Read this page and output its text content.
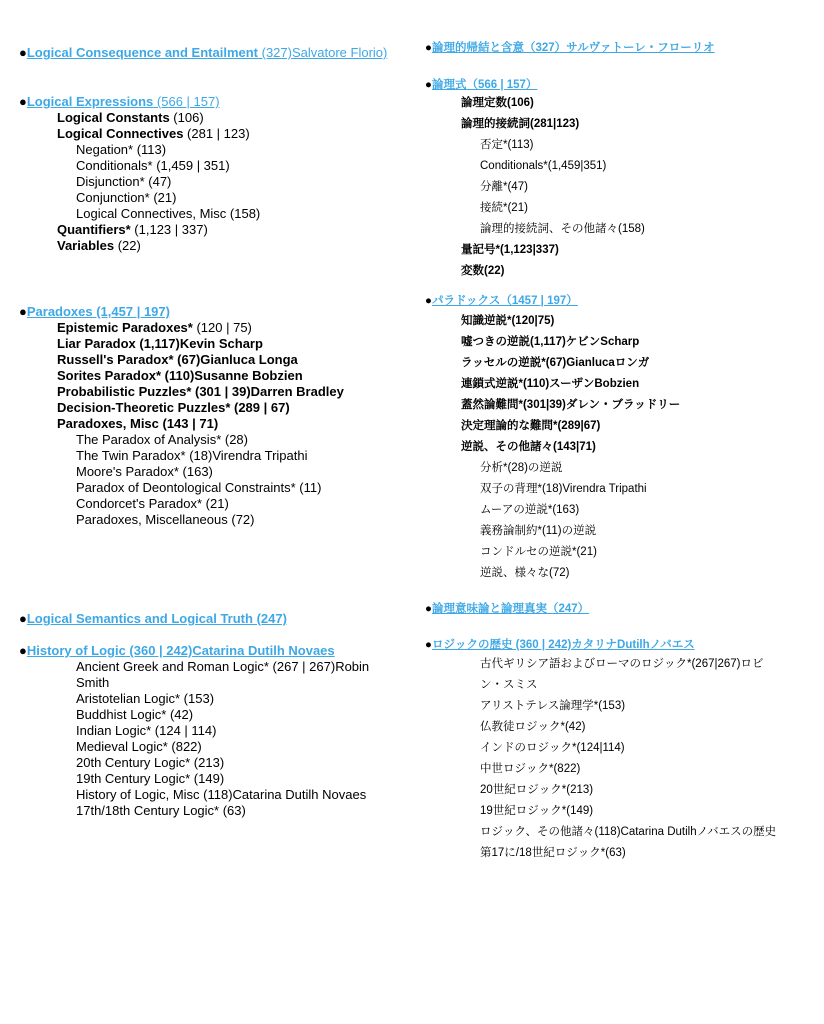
●Logical Consequence and Entailment (327)Salvatore Florio)
●Logical Expressions (566 | 157)
Logical Constants (106)
Logical Connectives (281 | 123)
Negation* (113)
Conditionals* (1,459 | 351)
Disjunction* (47)
Conjunction* (21)
Logical Connectives, Misc (158)
Quantifiers* (1,123 | 337)
Variables (22)
●Paradoxes (1,457 | 197)
Epistemic Paradoxes* (120 | 75)
Liar Paradox (1,117)Kevin Scharp
Russell's Paradox* (67)Gianluca Longa
Sorites Paradox* (110)Susanne Bobzien
Probabilistic Puzzles* (301 | 39)Darren Bradley
Decision-Theoretic Puzzles* (289 | 67)
Paradoxes, Misc (143 | 71)
The Paradox of Analysis* (28)
The Twin Paradox* (18)Virendra Tripathi
Moore's Paradox* (163)
Paradox of Deontological Constraints* (11)
Condorcet's Paradox* (21)
Paradoxes, Miscellaneous (72)
●Logical Semantics and Logical Truth (247)
●History of Logic (360 | 242)Catarina Dutilh Novaes
Ancient Greek and Roman Logic* (267 | 267)Robin Smith
Aristotelian Logic* (153)
Buddhist Logic* (42)
Indian Logic* (124 | 114)
Medieval Logic* (822)
20th Century Logic* (213)
19th Century Logic* (149)
History of Logic, Misc (118)Catarina Dutilh Novaes
17th/18th Century Logic* (63)
●論理的帰結と含意（327）サルヴァトーレ・フローリオ
●論理式（566 | 157）
論理定数(106)
論理的接続詞(281|123)
否定*(113)
Conditionals*(1,459|351)
分離*(47)
接続*(21)
論理的接続詞、その他諸々(158)
量記号*(1,123|337)
変数(22)
●パラドックス（1457 | 197）
知識逆説*(120|75)
嘘つきの逆説(1,117)ケビンScharp
ラッセルの逆説*(67)Gianlucaロンガ
連鎖式逆説*(110)スーザンBobzien
蓋然論難問*(301|39)ダレン・ブラッドリー
決定理論的な難問*(289|67)
逆説、その他諸々(143|71)
分析*(28)の逆説
双子の背理*(18)Virendra Tripathi
ムーアの逆説*(163)
義務論制約*(11)の逆説
コンドルセの逆説*(21)
逆説、様々な(72)
●論理意味論と論理真実（247）
●ロジックの歴史 (360 | 242)カタリナDutilhノバエス
古代ギリシア語およびローマのロジック*(267|267)ロビン・スミス
アリストテレス論理学*(153)
仏教徒ロジック*(42)
インドのロジック*(124|114)
中世ロジック*(822)
20世紀ロジック*(213)
19世紀ロジック*(149)
ロジック、その他諸々(118)Catarina Dutilhノバエスの歴史
第17に/18世紀ロジック*(63)
